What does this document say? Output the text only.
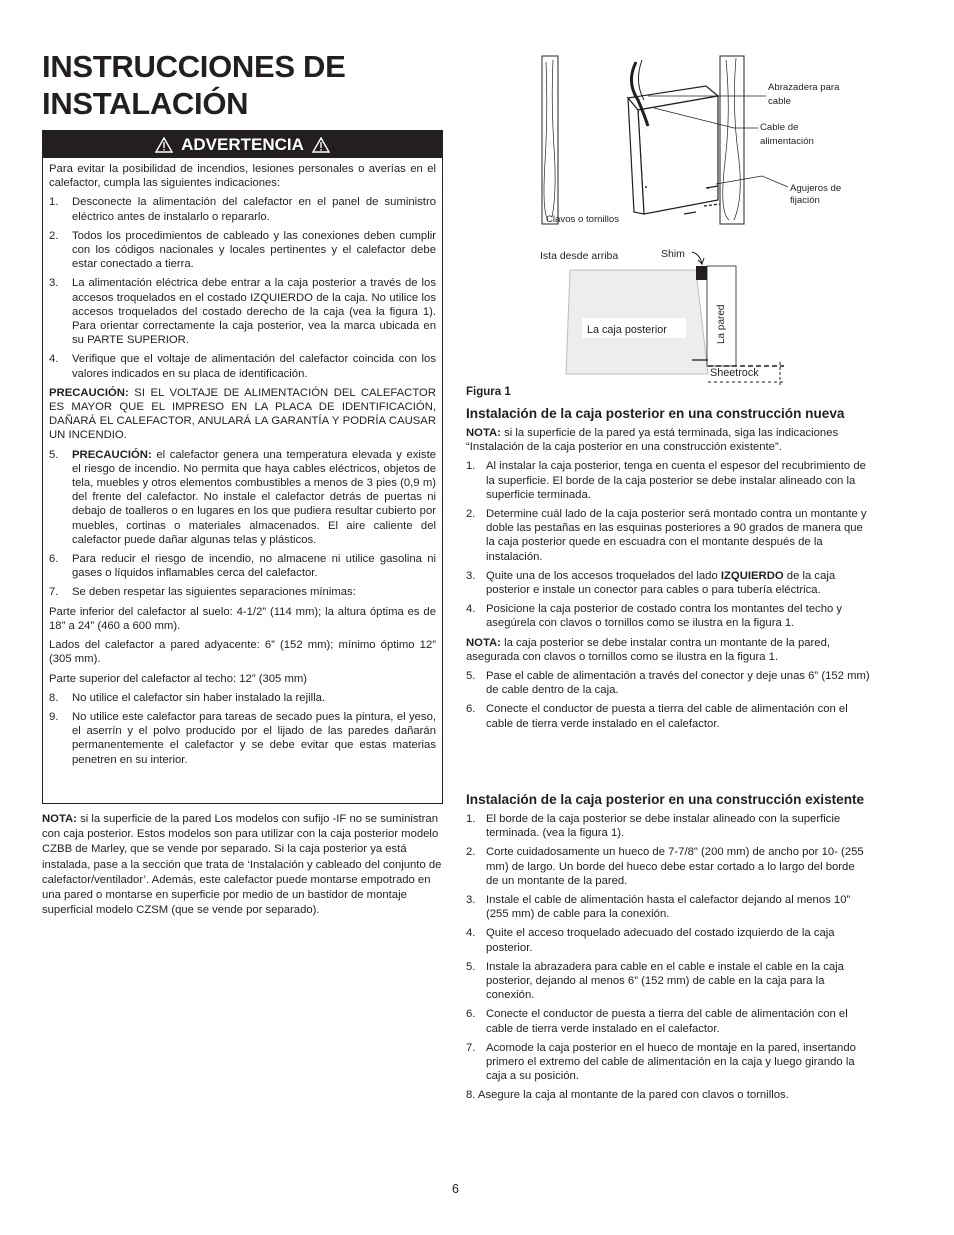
INSTRUCCIONES DE INSTALACIÓN
ADVERTENCIA

Para evitar la posibilidad de incendios, lesiones personales o averías en el calefactor, cumpla las siguientes indicaciones:

1.	Desconecte la alimentación del calefactor en el panel de suministro eléctrico antes de instalarlo o repararlo.
2.	Todos los procedimientos de cableado y las conexiones deben cumplir con los códigos nacionales y locales pertinentes y el calefactor debe estar conectado a tierra.
3.	La alimentación eléctrica debe entrar a la caja posterior a través de los accesos troquelados en el costado IZQUIERDO de la caja. No utilice los accesos troquelados del costado derecho de la caja (vea la figura 1). Para orientar correctamente la caja posterior, vea la marca ubicada en su PARTE SUPERIOR.
4.	Verifique que el voltaje de alimentación del calefactor coincida con los valores indicados en su placa de identificación.

PRECAUCIÓN: SI EL VOLTAJE DE ALIMENTACIÓN DEL CALEFACTOR ES MAYOR QUE EL IMPRESO EN LA PLACA DE IDENTIFICACIÓN, DAÑARÁ EL CALEFACTOR, ANULARÁ LA GARANTÍA Y PODRÍA CAUSAR UN INCENDIO.

5.	PRECAUCIÓN: el calefactor genera una temperatura elevada y existe el riesgo de incendio. No permita que haya cables eléctricos, objetos de tela, muebles y otros elementos combustibles a menos de 3 pies (0,9 m) del frente del calefactor. No instale el calefactor detrás de puertas ni debajo de toalleros o en lugares en los que pudiera resultar cubierto por muebles, cortinas o materiales almacenados. El aire caliente del calefactor puede dañar algunas telas y plásticos.
6.	Para reducir el riesgo de incendio, no almacene ni utilice gasolina ni gases o líquidos inflamables cerca del calefactor.
7.	Se deben respetar las siguientes separaciones mínimas:

Parte inferior del calefactor al suelo: 4-1/2” (114 mm); la altura óptima es de 18” a 24” (460 a 600 mm).

Lados del calefactor a pared adyacente: 6” (152 mm); mínimo óptimo 12” (305 mm).

Parte superior del calefactor al techo: 12” (305 mm)

8.	No utilice el calefactor sin haber instalado la rejilla.
9.	No utilice este calefactor para tareas de secado pues la pintura, el yeso, el aserrín y el polvo producido por el lijado de las paredes dañarán permanentemente el calefactor y se debe evitar que estas materias penetren en su interior.

NOTA: si la superficie de la pared Los modelos con sufijo -IF no se suministran con caja posterior. Estos modelos son para utilizar con la caja posterior modelo CZBB de Marley, que se vende por separado. Si la caja posterior ya está instalada, pase a la sección que trata de ‘Instalación y cableado del conjunto de calefactor/ventilador’. Además, este calefactor puede montarse empotrado en una pared o montarse en superficie por medio de un bastidor de montaje superficial modelo CZSM (que se vende por separado).

Abrazadera para
cable
Cable de
alimentación
Agujeros de
fijación
Clavos o tornillos
Ista desde arriba	Shim
La caja posterior	La pared
Sheetrock
Figura 1
Instalación de la caja posterior en una construcción nueva

NOTA: si la superficie de la pared ya está terminada, siga las indicaciones “Instalación de la caja posterior en una construcción existente”.

1. Al instalar la caja posterior, tenga en cuenta el espesor del recubrimiento de la superficie. El borde de la caja posterior se debe instalar alineado con la superficie terminada.
2. Determine cuál lado de la caja posterior será montado contra un montante y doble las pestañas en las esquinas posteriores a 90 grados de manera que la caja posterior quede en escuadra con el montante después de la instalación.
3. Quite una de los accesos troquelados del lado IZQUIERDO de la caja posterior e instale un conector para cables o para tubería eléctrica.
4. Posicione la caja posterior de costado contra los montantes del techo y asegúrela con clavos o tornillos como se ilustra en la figura 1.

NOTA: la caja posterior se debe instalar contra un montante de la pared, asegurada con clavos o tornillos como se ilustra en la figura 1.

5. Pase el cable de alimentación a través del conector y deje unas 6” (152 mm) de cable dentro de la caja.
6. Conecte el conductor de puesta a tierra del cable de alimentación con el cable de tierra verde instalado en el calefactor.
Instalación de la caja posterior en una construcción existente
1. El borde de la caja posterior se debe instalar alineado con la superficie terminada. (vea la figura 1).
2. Corte cuidadosamente un hueco de 7-7/8" (200 mm) de ancho por 10- (255 mm) de largo. Un borde del hueco debe estar cortado a lo largo del borde de un montante de la pared.
3. Instale el cable de alimentación hasta el calefactor dejando al menos 10” (255 mm) de cable para la conexión.
4. Quite el acceso troquelado adecuado del costado izquierdo de la caja posterior.
5. Instale la abrazadera para cable en el cable e instale el cable en la caja posterior, dejando al menos 6” (152 mm) de cable en la caja para la conexión.
6. Conecte el conductor de puesta a tierra del cable de alimentación con el cable de tierra verde instalado en el calefactor.
7. Acomode la caja posterior en el hueco de montaje en la pared, insertando primero el extremo del cable de alimentación en la caja y luego girando la caja a su posición.

8. Asegure la caja al montante de la pared con clavos o tornillos.

6
